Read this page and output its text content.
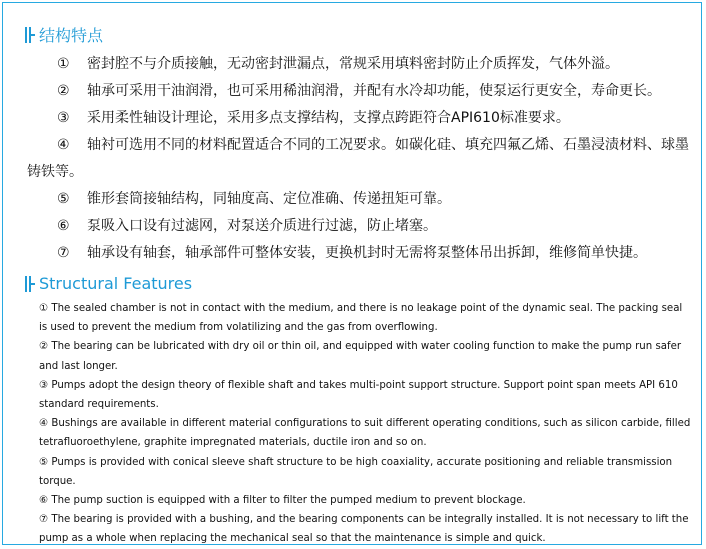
结构特点
① 密封腔不与介质接触，无动密封泄漏点，常规采用填料密封防止介质挥发，气体外溢。
② 轴承可采用干油润滑，也可采用稀油润滑，并配有水冷却功能，使泵运行更安全，寿命更长。
③ 采用柔性轴设计理论，采用多点支撑结构，支撑点跨距符合API610标准要求。
④ 轴衬可选用不同的材料配置适合不同的工况要求。如碳化硅、填充四氟乙烯、石墨浸渍材料、球墨铸铁等。
⑤ 锥形套筒接轴结构，同轴度高、定位准确、传递扭矩可靠。
⑥ 泵吸入口设有过滤网，对泵送介质进行过滤，防止堵塞。
⑦ 轴承设有轴套，轴承部件可整体安装，更换机封时无需将泵整体吊出拆卸，维修简单快捷。
Structural Features
① The sealed chamber is not in contact with the medium, and there is no leakage point of the dynamic seal. The packing seal is used to prevent the medium from volatilizing and the gas from overflowing.
② The bearing can be lubricated with dry oil or thin oil, and equipped with water cooling function to make the pump run safer and last longer.
③ Pumps adopt the design theory of flexible shaft and takes multi-point support structure. Support point span meets API 610 standard requirements.
④ Bushings are available in different material configurations to suit different operating conditions, such as silicon carbide, filled tetrafluoroethylene, graphite impregnated materials, ductile iron and so on.
⑤ Pumps is provided with conical sleeve shaft structure to be high coaxiality, accurate positioning and reliable transmission torque.
⑥ The pump suction is equipped with a filter to filter the pumped medium to prevent blockage.
⑦ The bearing is provided with a bushing, and the bearing components can be integrally installed. It is not necessary to lift the pump as a whole when replacing the mechanical seal so that the maintenance is simple and quick.
